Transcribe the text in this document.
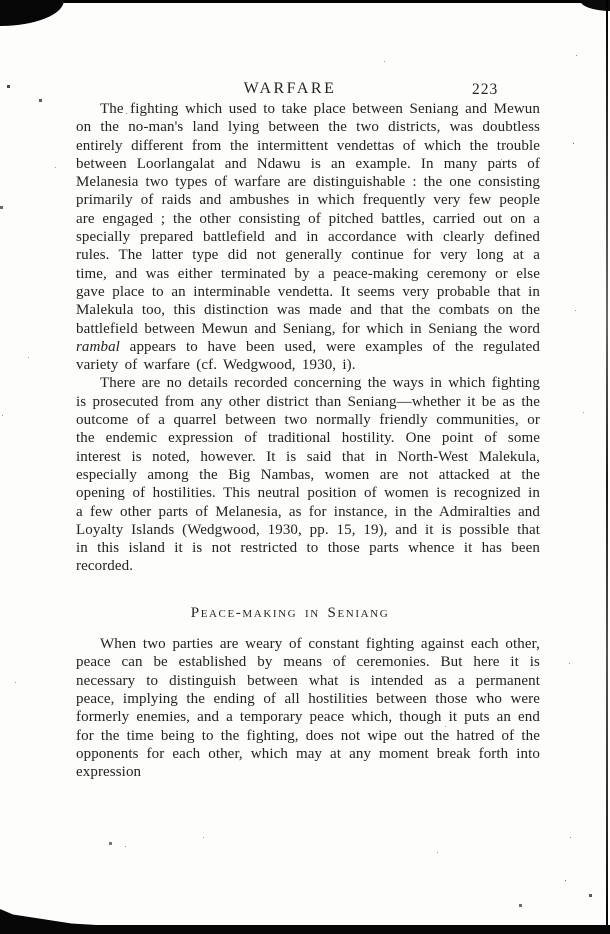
WARFARE	223

The fighting which used to take place between Seniang and Mewun on the no-man's land lying between the two districts, was doubtless entirely different from the intermittent vendettas of which the trouble between Loorlangalat and Ndawu is an example. In many parts of Melanesia two types of warfare are distinguishable : the one consisting primarily of raids and ambushes in which frequently very few people are engaged ; the other consisting of pitched battles, carried out on a specially prepared battlefield and in accordance with clearly defined rules. The latter type did not generally continue for very long at a time, and was either terminated by a peace-making ceremony or else gave place to an interminable vendetta. It seems very probable that in Malekula too, this distinction was made and that the combats on the battlefield between Mewun and Seniang, for which in Seniang the word rambal appears to have been used, were examples of the regulated variety of warfare (cf. Wedgwood, 1930, i).

There are no details recorded concerning the ways in which fighting is prosecuted from any other district than Seniang—whether it be as the outcome of a quarrel between two normally friendly communities, or the endemic expression of traditional hostility. One point of some interest is noted, however. It is said that in North-West Malekula, especially among the Big Nambas, women are not attacked at the opening of hostilities. This neutral position of women is recognized in a few other parts of Melanesia, as for instance, in the Admiralties and Loyalty Islands (Wedgwood, 1930, pp. 15, 19), and it is possible that in this island it is not restricted to those parts whence it has been recorded.

Peace-making in Seniang

When two parties are weary of constant fighting against each other, peace can be established by means of ceremonies. But here it is necessary to distinguish between what is intended as a permanent peace, implying the ending of all hostilities between those who were formerly enemies, and a temporary peace which, though it puts an end for the time being to the fighting, does not wipe out the hatred of the opponents for each other, which may at any moment break forth into expression
